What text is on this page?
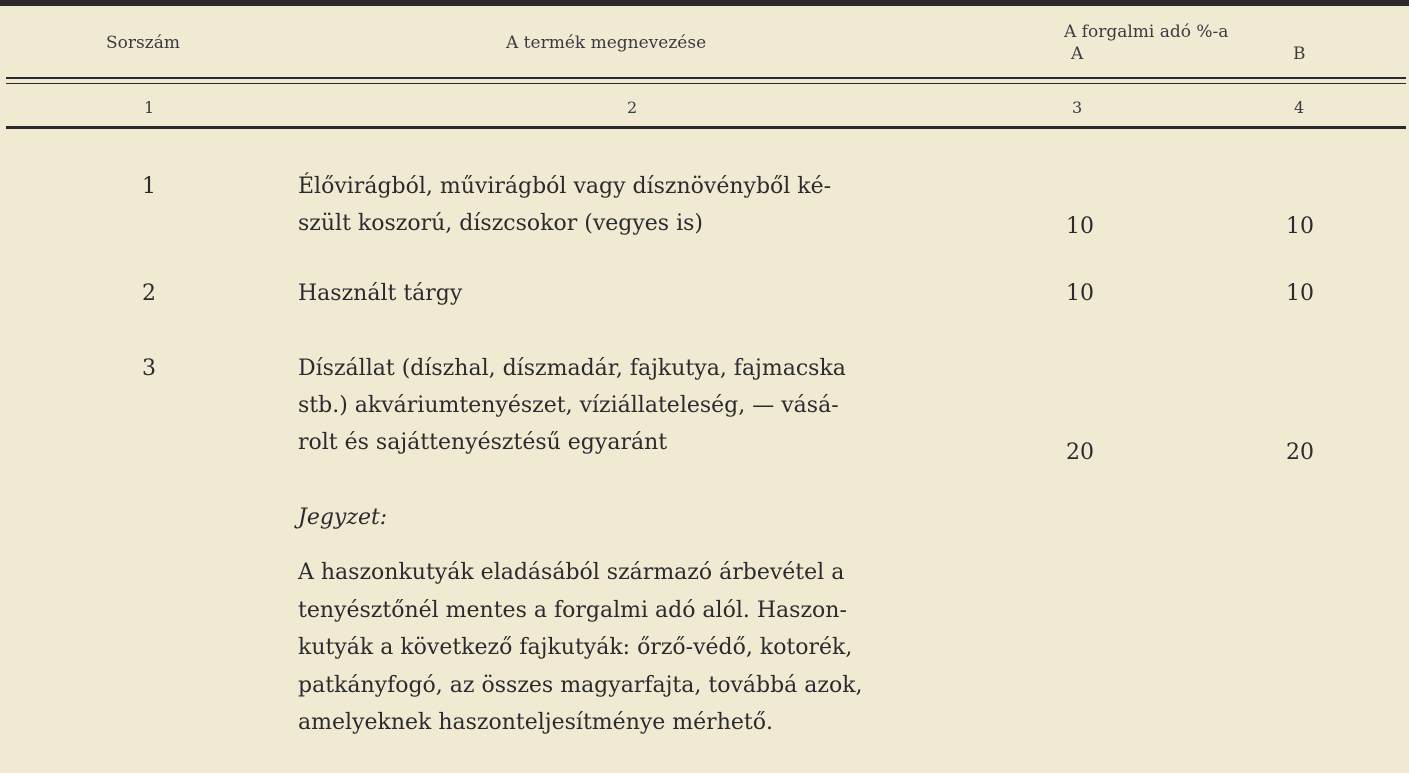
Sorszám	A termék megnevezése
A forgalmi adó %-a
A	B
1	2	3	4
1	Élővirágból, művirágból vagy dísznövényből ké-
szült koszorú, díszcsokor (vegyes is)	10	10
2	Használt tárgy	10	10
3	Díszállat (díszhal, díszmadár, fajkutya, fajmacska
stb.) akváriumtenyészet, víziállateleség, — vásá-
rolt és sajáttenyésztésű egyaránt	20	20
Jegyzet:
A haszonkutyák eladásából származó árbevétel a
tenyésztőnél mentes a forgalmi adó alól. Haszon-
kutyák a következő fajkutyák: őrző-védő, kotorék,
patkányfogó, az összes magyarfajta, továbbá azok,
amelyeknek haszonteljesítménye mérhető.
